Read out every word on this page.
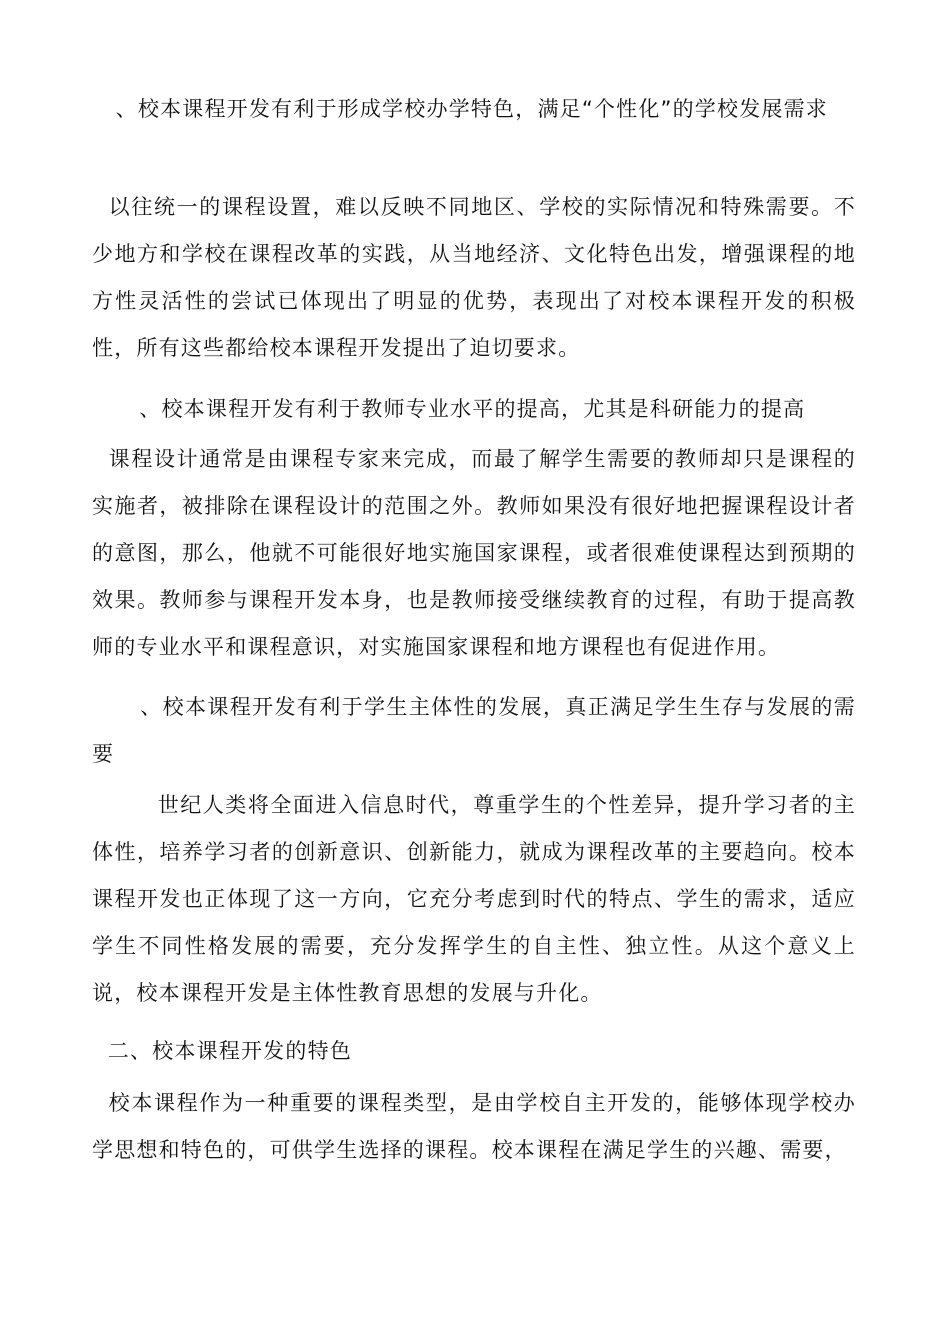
、校本课程开发有利于形成学校办学特色，满足“个性化”的学校发展需求

以往统一的课程设置，难以反映不同地区、学校的实际情况和特殊需要。不少地方和学校在课程改革的实践，从当地经济、文化特色出发，增强课程的地方性灵活性的尝试已体现出了明显的优势，表现出了对校本课程开发的积极性，所有这些都给校本课程开发提出了迫切要求。

、校本课程开发有利于教师专业水平的提高，尤其是科研能力的提高

课程设计通常是由课程专家来完成，而最了解学生需要的教师却只是课程的实施者，被排除在课程设计的范围之外。教师如果没有很好地把握课程设计者的意图，那么，他就不可能很好地实施国家课程，或者很难使课程达到预期的效果。教师参与课程开发本身，也是教师接受继续教育的过程，有助于提高教师的专业水平和课程意识，对实施国家课程和地方课程也有促进作用。

、校本课程开发有利于学生主体性的发展，真正满足学生生存与发展的需要

世纪人类将全面进入信息时代，尊重学生的个性差异，提升学习者的主体性，培养学习者的创新意识、创新能力，就成为课程改革的主要趋向。校本课程开发也正体现了这一方向，它充分考虑到时代的特点、学生的需求，适应学生不同性格发展的需要，充分发挥学生的自主性、独立性。从这个意义上说，校本课程开发是主体性教育思想的发展与升化。

二、校本课程开发的特色

校本课程作为一种重要的课程类型，是由学校自主开发的，能够体现学校办学思想和特色的，可供学生选择的课程。校本课程在满足学生的兴趣、需要，
